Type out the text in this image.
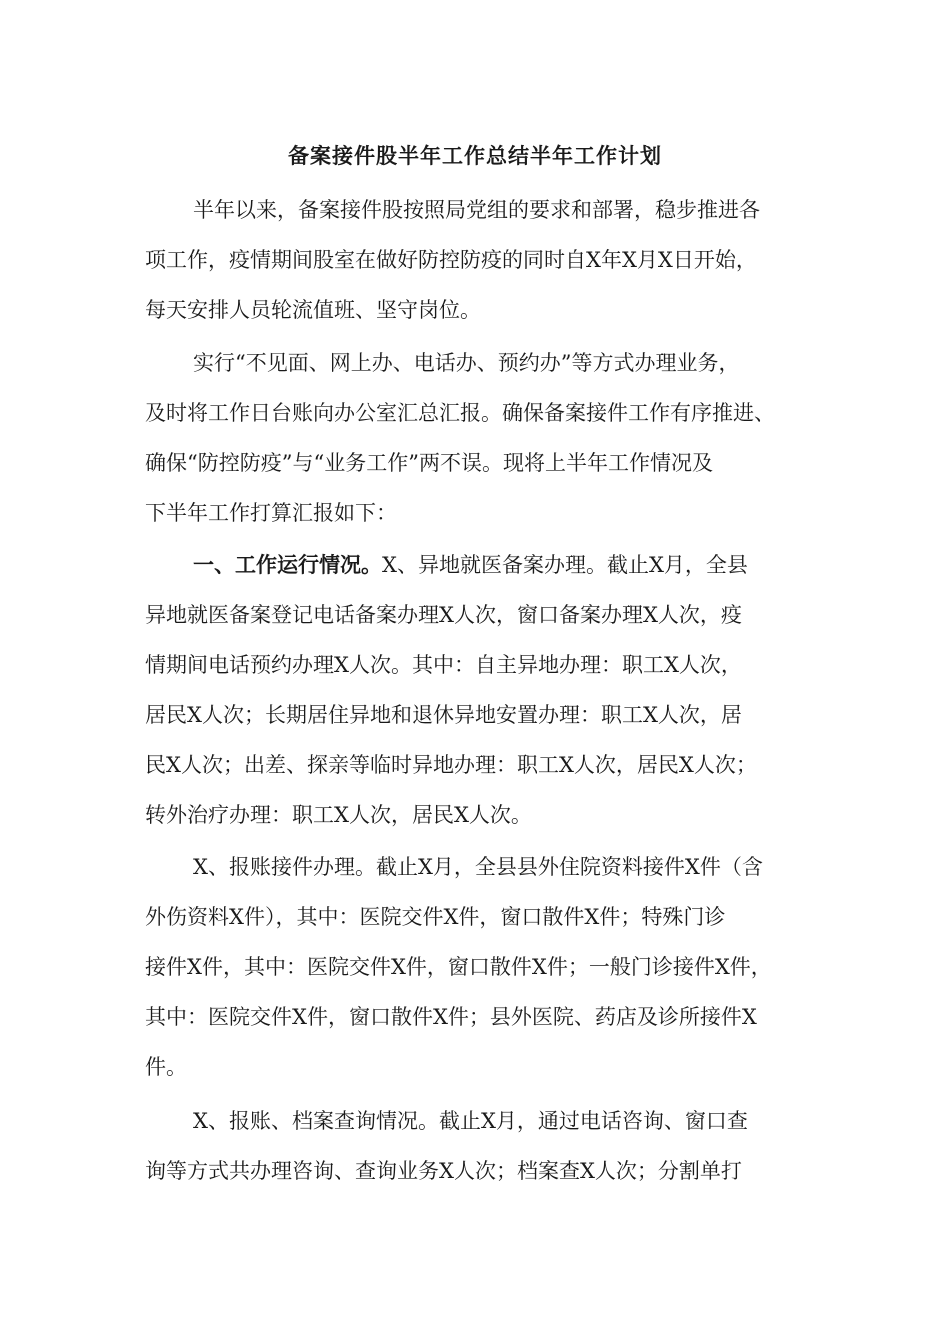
备案接件股半年工作总结半年工作计划
半年以来，备案接件股按照局党组的要求和部署，稳步推进各
项工作，疫情期间股室在做好防控防疫的同时自X年X月X日开始，
每天安排人员轮流值班、坚守岗位。
实行“不见面、网上办、电话办、预约办”等方式办理业务，
及时将工作日台账向办公室汇总汇报。确保备案接件工作有序推进、
确保“防控防疫”与“业务工作”两不误。现将上半年工作情况及
下半年工作打算汇报如下：
一、工作运行情况。X、异地就医备案办理。截止X月，全县
异地就医备案登记电话备案办理X人次，窗口备案办理X人次，疫
情期间电话预约办理X人次。其中：自主异地办理：职工X人次，
居民X人次；长期居住异地和退休异地安置办理：职工X人次，居
民X人次；出差、探亲等临时异地办理：职工X人次，居民X人次；
转外治疗办理：职工X人次，居民X人次。
X、报账接件办理。截止X月，全县县外住院资料接件X件（含
外伤资料X件），其中：医院交件X件，窗口散件X件；特殊门诊
接件X件，其中：医院交件X件，窗口散件X件；一般门诊接件X件，
其中：医院交件X件，窗口散件X件；县外医院、药店及诊所接件X
件。
X、报账、档案查询情况。截止X月，通过电话咨询、窗口查
询等方式共办理咨询、查询业务X人次；档案查X人次；分割单打
